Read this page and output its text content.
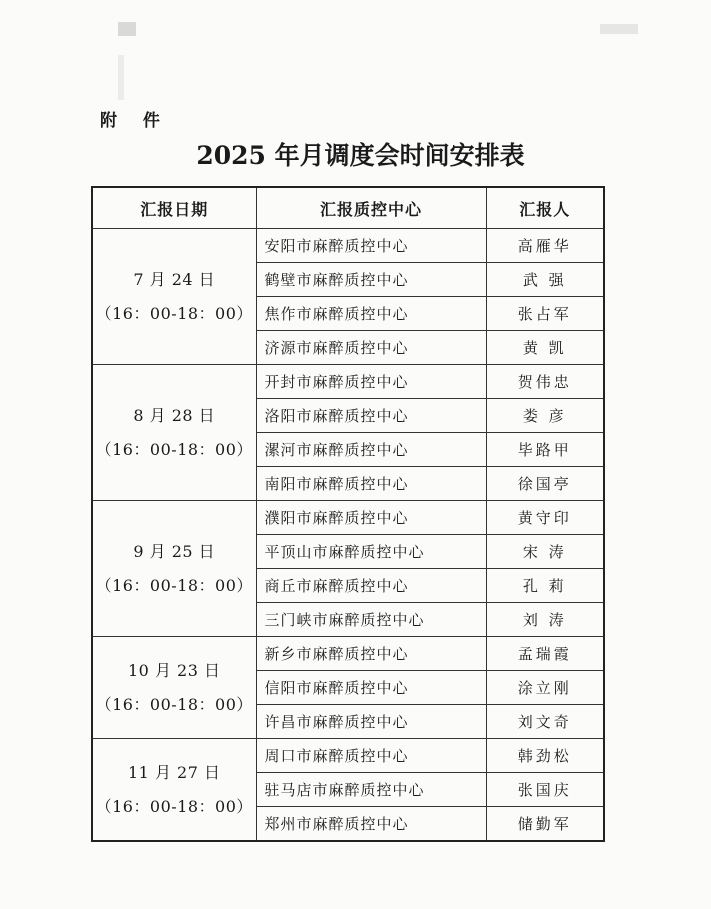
附 件
2025 年月调度会时间安排表
汇报日期	汇报质控中心	汇报人

7 月 24 日
（16：00-18：00）	安阳市麻醉质控中心	高雁华
	鹤壁市麻醉质控中心	武 强
	焦作市麻醉质控中心	张占军
	济源市麻醉质控中心	黄 凯

8 月 28 日
（16：00-18：00）	开封市麻醉质控中心	贺伟忠
	洛阳市麻醉质控中心	娄 彦
	漯河市麻醉质控中心	毕路甲
	南阳市麻醉质控中心	徐国亭

9 月 25 日
（16：00-18：00）	濮阳市麻醉质控中心	黄守印
	平顶山市麻醉质控中心	宋 涛
	商丘市麻醉质控中心	孔 莉
	三门峡市麻醉质控中心	刘 涛

10 月 23 日
（16：00-18：00）	新乡市麻醉质控中心	孟瑞霞
	信阳市麻醉质控中心	涂立刚
	许昌市麻醉质控中心	刘文奇

11 月 27 日
（16：00-18：00）	周口市麻醉质控中心	韩劲松
	驻马店市麻醉质控中心	张国庆
	郑州市麻醉质控中心	储勤军
